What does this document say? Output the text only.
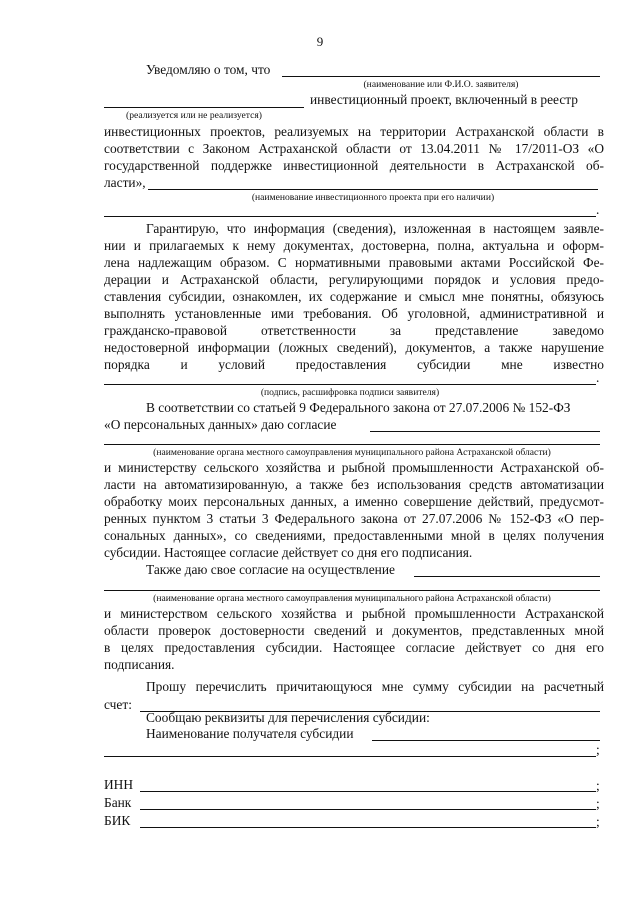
9
Уведомляю о том, что
(наименование или Ф.И.О. заявителя)
инвестиционный проект, включенный в реестр
(реализуется или не реализуется)
инвестиционных проектов, реализуемых на территории Астраханской области в
соответствии с Законом Астраханской области от 13.04.2011 № 17/2011-ОЗ «О
государственной поддержке инвестиционной деятельности в Астраханской об-
ласти»,
(наименование инвестиционного проекта при его наличии)
.
Гарантирую, что информация (сведения), изложенная в настоящем заявле-
нии и прилагаемых к нему документах, достоверна, полна, актуальна и оформ-
лена надлежащим образом. С нормативными правовыми актами Российской Фе-
дерации и Астраханской области, регулирующими порядок и условия предо-
ставления субсидии, ознакомлен, их содержание и смысл мне понятны, обязуюсь
выполнять установленные ими требования. Об уголовной, административной и
гражданско-правовой ответственности за представление заведомо
недостоверной информации (ложных сведений), документов, а также нарушение
порядка и условий предоставления субсидии мне известно
.
(подпись, расшифровка подписи заявителя)
В соответствии со статьей 9 Федерального закона от 27.07.2006 № 152-ФЗ
«О персональных данных» даю согласие
(наименование органа местного самоуправления муниципального района Астраханской области)
и министерству сельского хозяйства и рыбной промышленности Астраханской об-
ласти на автоматизированную, а также без использования средств автоматизации
обработку моих персональных данных, а именно совершение действий, предусмот-
ренных пунктом 3 статьи 3 Федерального закона от 27.07.2006 № 152-ФЗ «О пер-
сональных данных», со сведениями, предоставленными мной в целях получения
субсидии. Настоящее согласие действует со дня его подписания.
Также даю свое согласие на осуществление
(наименование органа местного самоуправления муниципального района Астраханской области)
и министерством сельского хозяйства и рыбной промышленности Астраханской
области проверок достоверности сведений и документов, представленных мной
в целях предоставления субсидии. Настоящее согласие действует со дня его
подписания.
Прошу перечислить причитающуюся мне сумму субсидии на расчетный
счет:
Сообщаю реквизиты для перечисления субсидии:
Наименование получателя субсидии
;
ИНН	;
Банк	;
БИК	;
